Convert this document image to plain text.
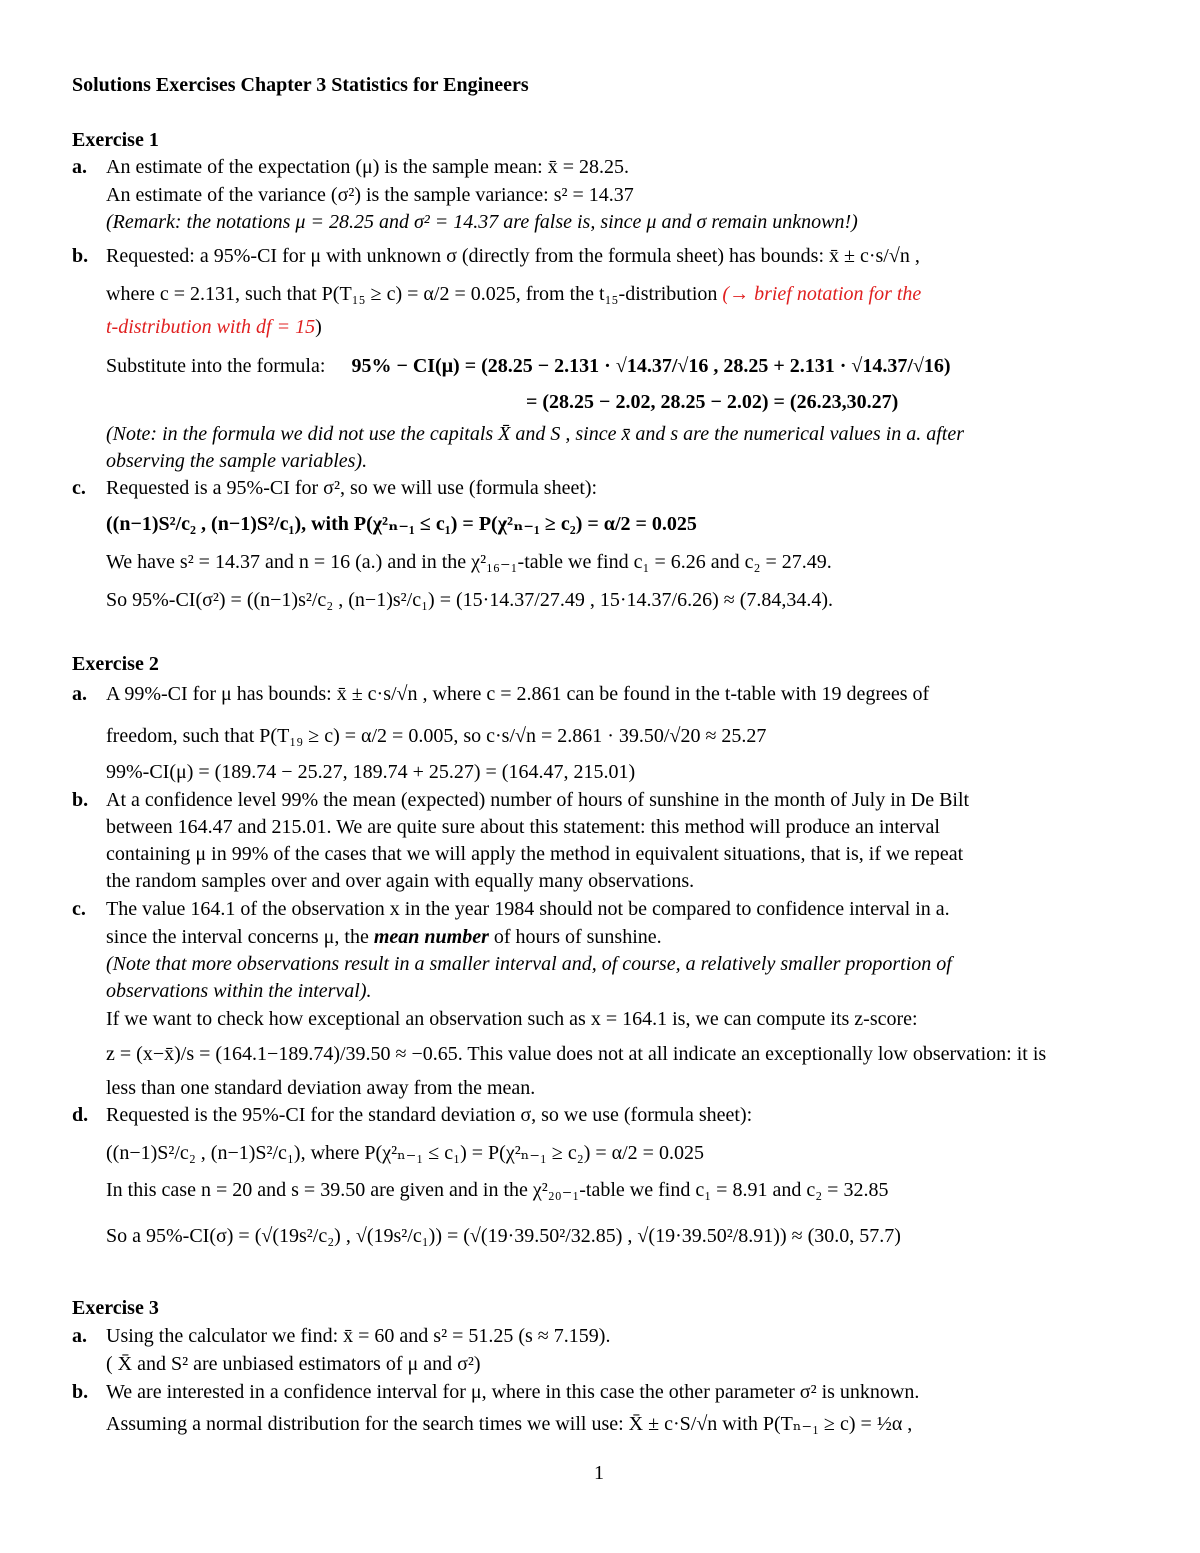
Solutions Exercises Chapter 3 Statistics for Engineers
Exercise 1
a. An estimate of the expectation (μ) is the sample mean: x̄ = 28.25.
An estimate of the variance (σ²) is the sample variance: s² = 14.37
(Remark: the notations μ = 28.25 and σ² = 14.37 are false is, since μ and σ remain unknown!)
b. Requested: a 95%-CI for μ with unknown σ (directly from the formula sheet) has bounds: x̄ ± c·s/√n ,
where c = 2.131, such that P(T₁₅ ≥ c) = α/2 = 0.025, from the t₁₅-distribution (→ brief notation for the
t-distribution with df = 15)
Substitute into the formula: 95% − CI(μ) = (28.25 − 2.131 · √14.37/√16 , 28.25 + 2.131 · √14.37/√16)
= (28.25 − 2.02, 28.25 − 2.02) = (26.23,30.27)
(Note: in the formula we did not use the capitals X̄ and S , since x̄ and s are the numerical values in a. after
observing the sample variables).
c. Requested is a 95%-CI for σ², so we will use (formula sheet):
((n−1)S²/c₂ , (n−1)S²/c₁), with P(χ²ₙ₋₁ ≤ c₁) = P(χ²ₙ₋₁ ≥ c₂) = α/2 = 0.025
We have s² = 14.37 and n = 16 (a.) and in the χ²₁₆₋₁-table we find c₁ = 6.26 and c₂ = 27.49.
So 95%-CI(σ²) = ((n−1)s²/c₂ , (n−1)s²/c₁) = (15·14.37/27.49 , 15·14.37/6.26) ≈ (7.84,34.4).
Exercise 2
a. A 99%-CI for μ has bounds: x̄ ± c·s/√n , where c = 2.861 can be found in the t-table with 19 degrees of
freedom, such that P(T₁₉ ≥ c) = α/2 = 0.005, so c·s/√n = 2.861 · 39.50/√20 ≈ 25.27
99%-CI(μ) = (189.74 − 25.27, 189.74 + 25.27) = (164.47, 215.01)
b. At a confidence level 99% the mean (expected) number of hours of sunshine in the month of July in De Bilt
between 164.47 and 215.01. We are quite sure about this statement: this method will produce an interval
containing μ in 99% of the cases that we will apply the method in equivalent situations, that is, if we repeat
the random samples over and over again with equally many observations.
c. The value 164.1 of the observation x in the year 1984 should not be compared to confidence interval in a.
since the interval concerns μ, the mean number of hours of sunshine.
(Note that more observations result in a smaller interval and, of course, a relatively smaller proportion of
observations within the interval).
If we want to check how exceptional an observation such as x = 164.1 is, we can compute its z-score:
z = (x−x̄)/s = (164.1−189.74)/39.50 ≈ −0.65. This value does not at all indicate an exceptionally low observation: it is
less than one standard deviation away from the mean.
d. Requested is the 95%-CI for the standard deviation σ, so we use (formula sheet):
((n−1)S²/c₂ , (n−1)S²/c₁), where P(χ²ₙ₋₁ ≤ c₁) = P(χ²ₙ₋₁ ≥ c₂) = α/2 = 0.025
In this case n = 20 and s = 39.50 are given and in the χ²₂₀₋₁-table we find c₁ = 8.91 and c₂ = 32.85
So a 95%-CI(σ) = (√(19s²/c₂) , √(19s²/c₁)) = (√(19·39.50²/32.85) , √(19·39.50²/8.91)) ≈ (30.0, 57.7)
Exercise 3
a. Using the calculator we find: x̄ = 60 and s² = 51.25 (s ≈ 7.159).
( X̄ and S² are unbiased estimators of μ and σ²)
b. We are interested in a confidence interval for μ, where in this case the other parameter σ² is unknown.
Assuming a normal distribution for the search times we will use: X̄ ± c·S/√n with P(Tₙ₋₁ ≥ c) = ½α ,
1
